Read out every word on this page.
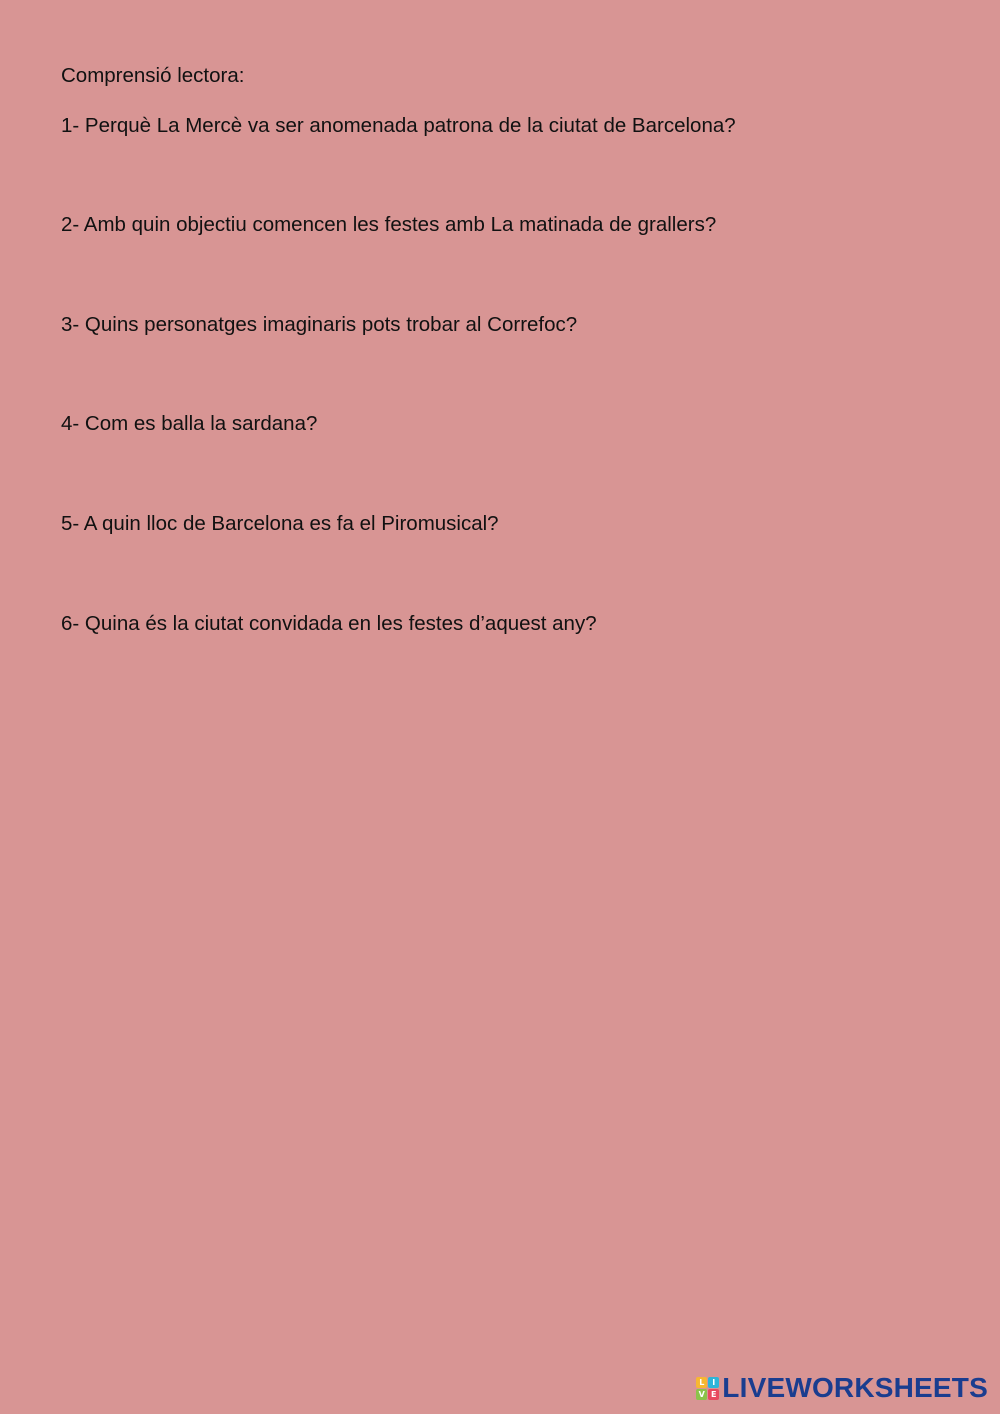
Comprensió lectora:

1- Perquè La Mercè va ser anomenada patrona de la ciutat de Barcelona?

2- Amb quin objectiu comencen les festes amb La matinada de grallers?

3- Quins personatges imaginaris pots trobar al Correfoc?

4- Com es balla la sardana?

5- A quin lloc de Barcelona es fa el Piromusical?

6- Quina és la ciutat convidada en les festes d’aquest any?

L I
V E LIVEWORKSHEETS
